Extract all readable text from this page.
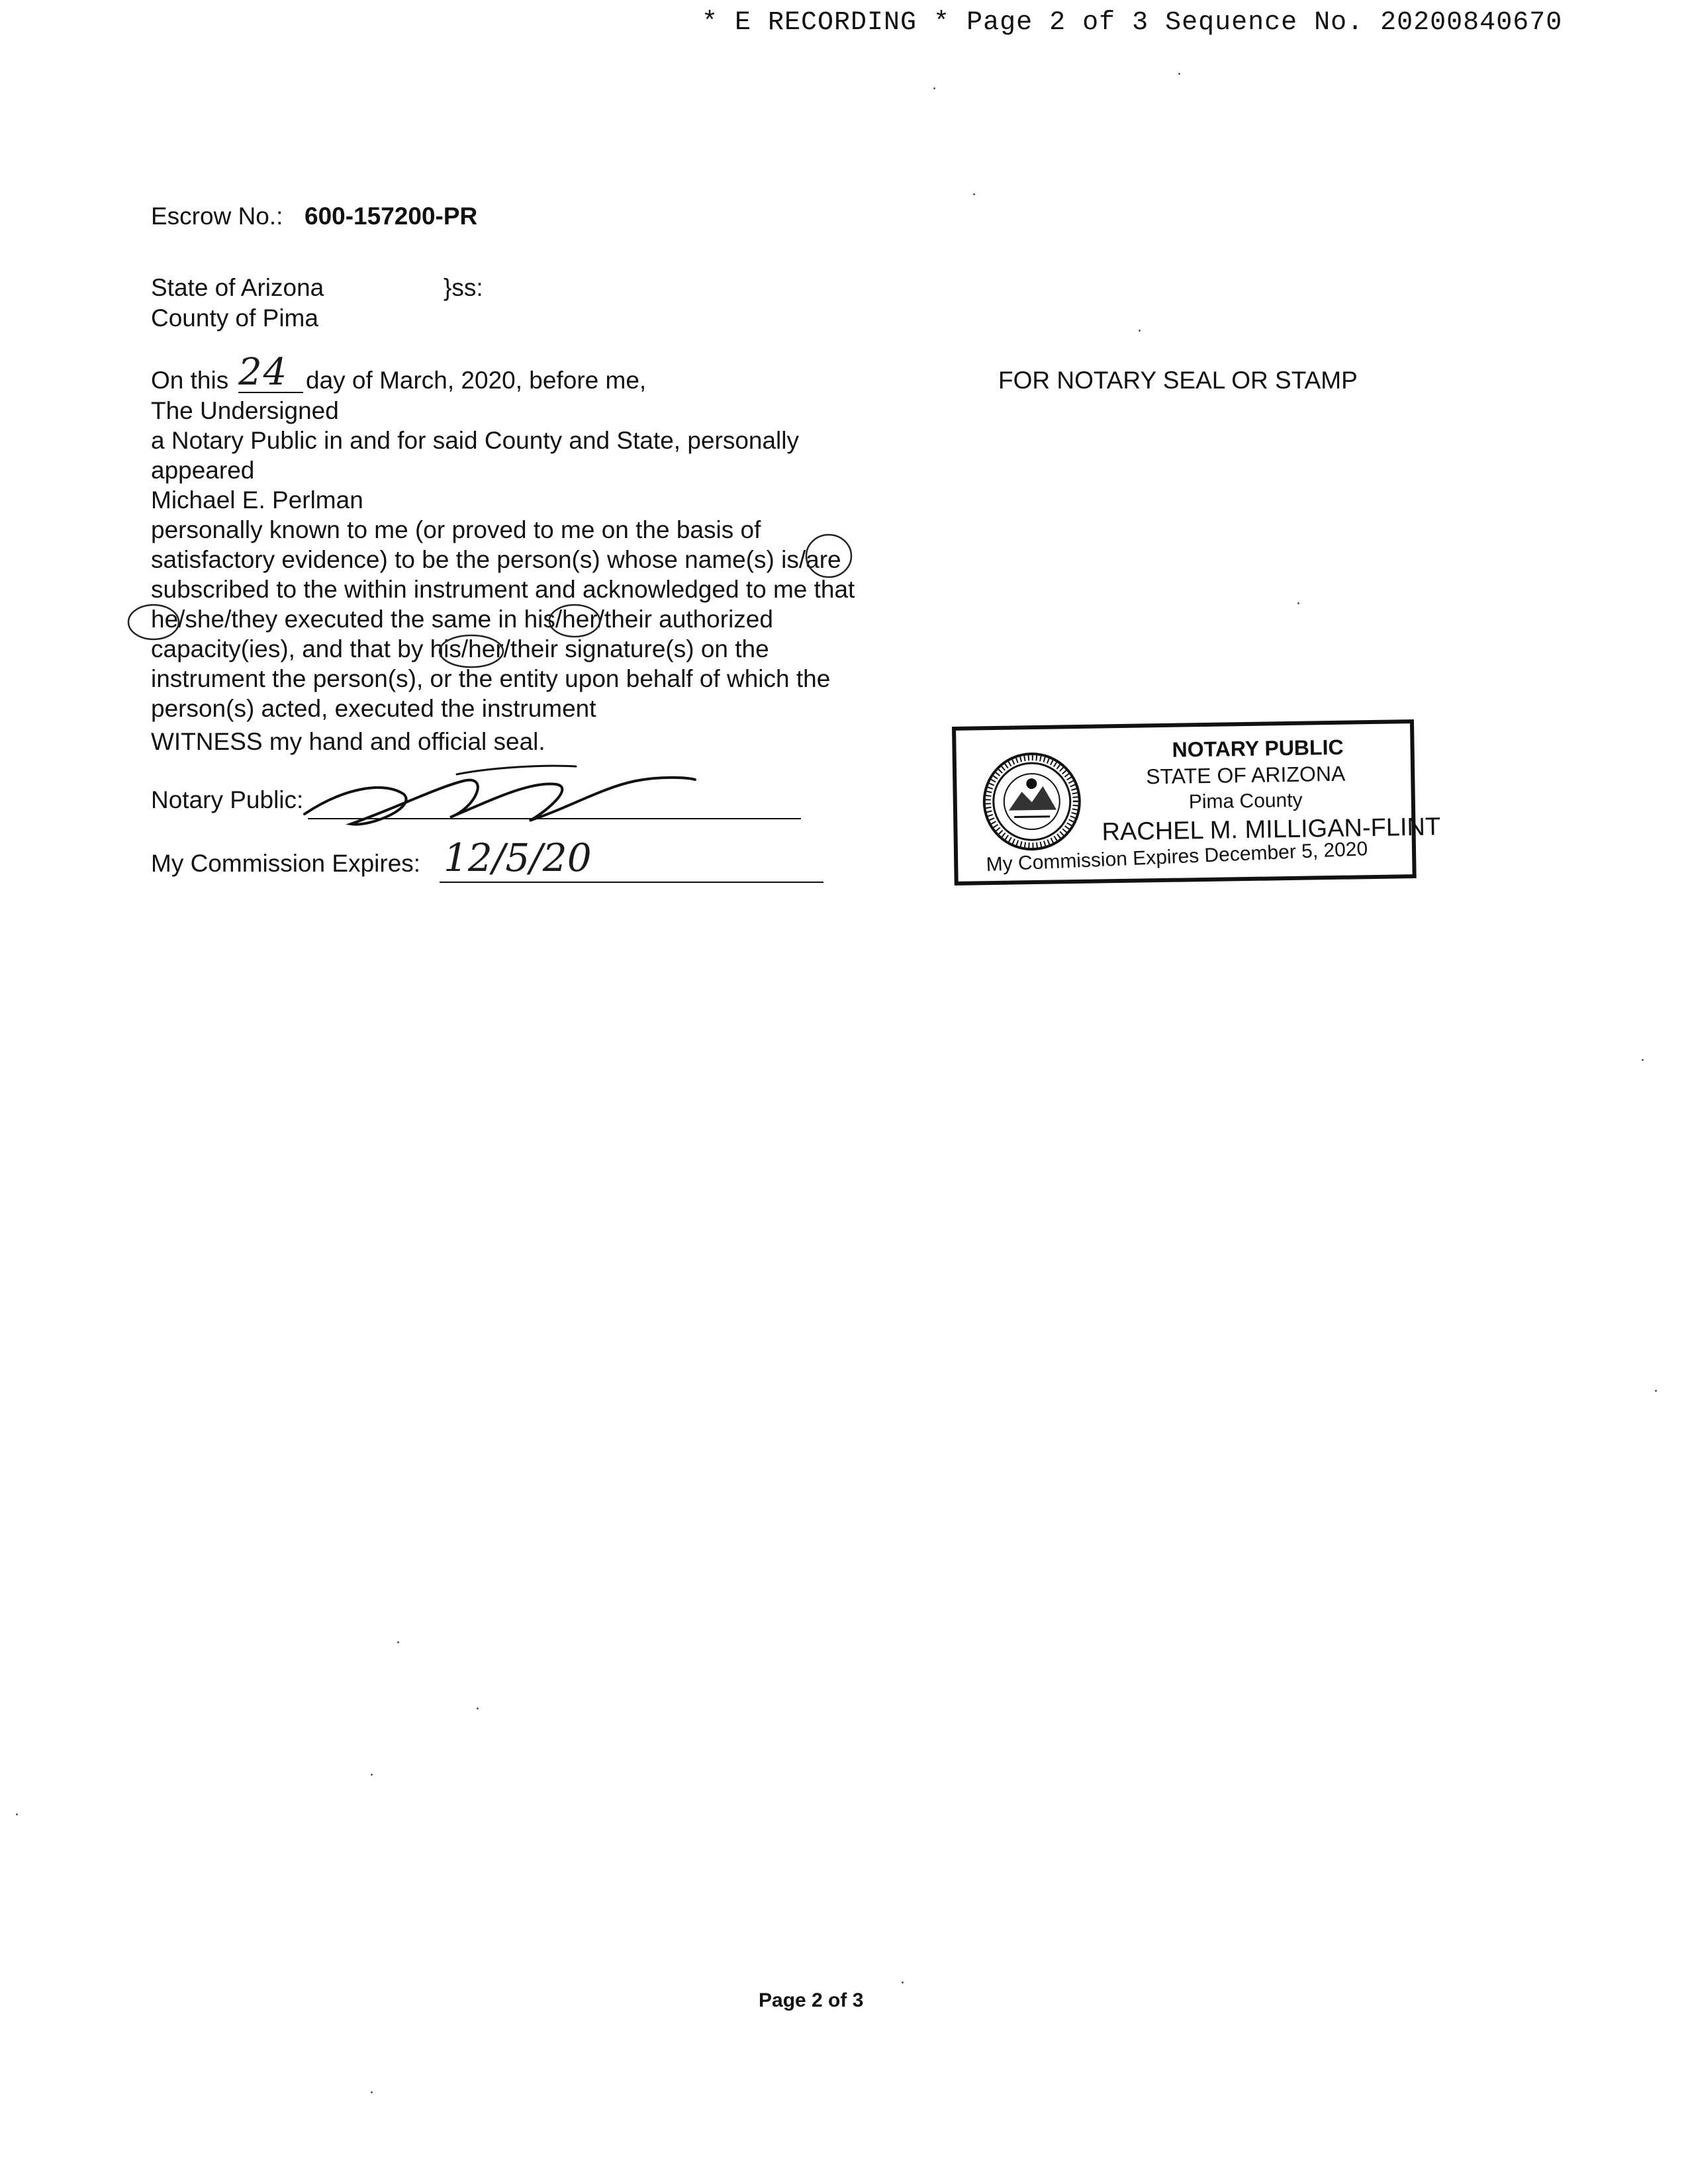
* E RECORDING * Page 2 of 3 Sequence No. 20200840670
Escrow No.: 600-157200-PR
State of Arizona	}ss:
County of Pima
On this 24 day of March, 2020, before me,	FOR NOTARY SEAL OR STAMP
The Undersigned
a Notary Public in and for said County and State, personally
appeared
Michael E. Perlman
personally known to me (or proved to me on the basis of
satisfactory evidence) to be the person(s) whose name(s) is/are
subscribed to the within instrument and acknowledged to me that
he/she/they executed the same in his/her/their authorized
capacity(ies), and that by his/her/their signature(s) on the
instrument the person(s), or the entity upon behalf of which the
person(s) acted, executed the instrument
WITNESS my hand and official seal.
Notary Public:
My Commission Expires: 12/5/20
NOTARY PUBLIC
STATE OF ARIZONA
Pima County
RACHEL M. MILLIGAN-FLINT
My Commission Expires December 5, 2020
Page 2 of 3
